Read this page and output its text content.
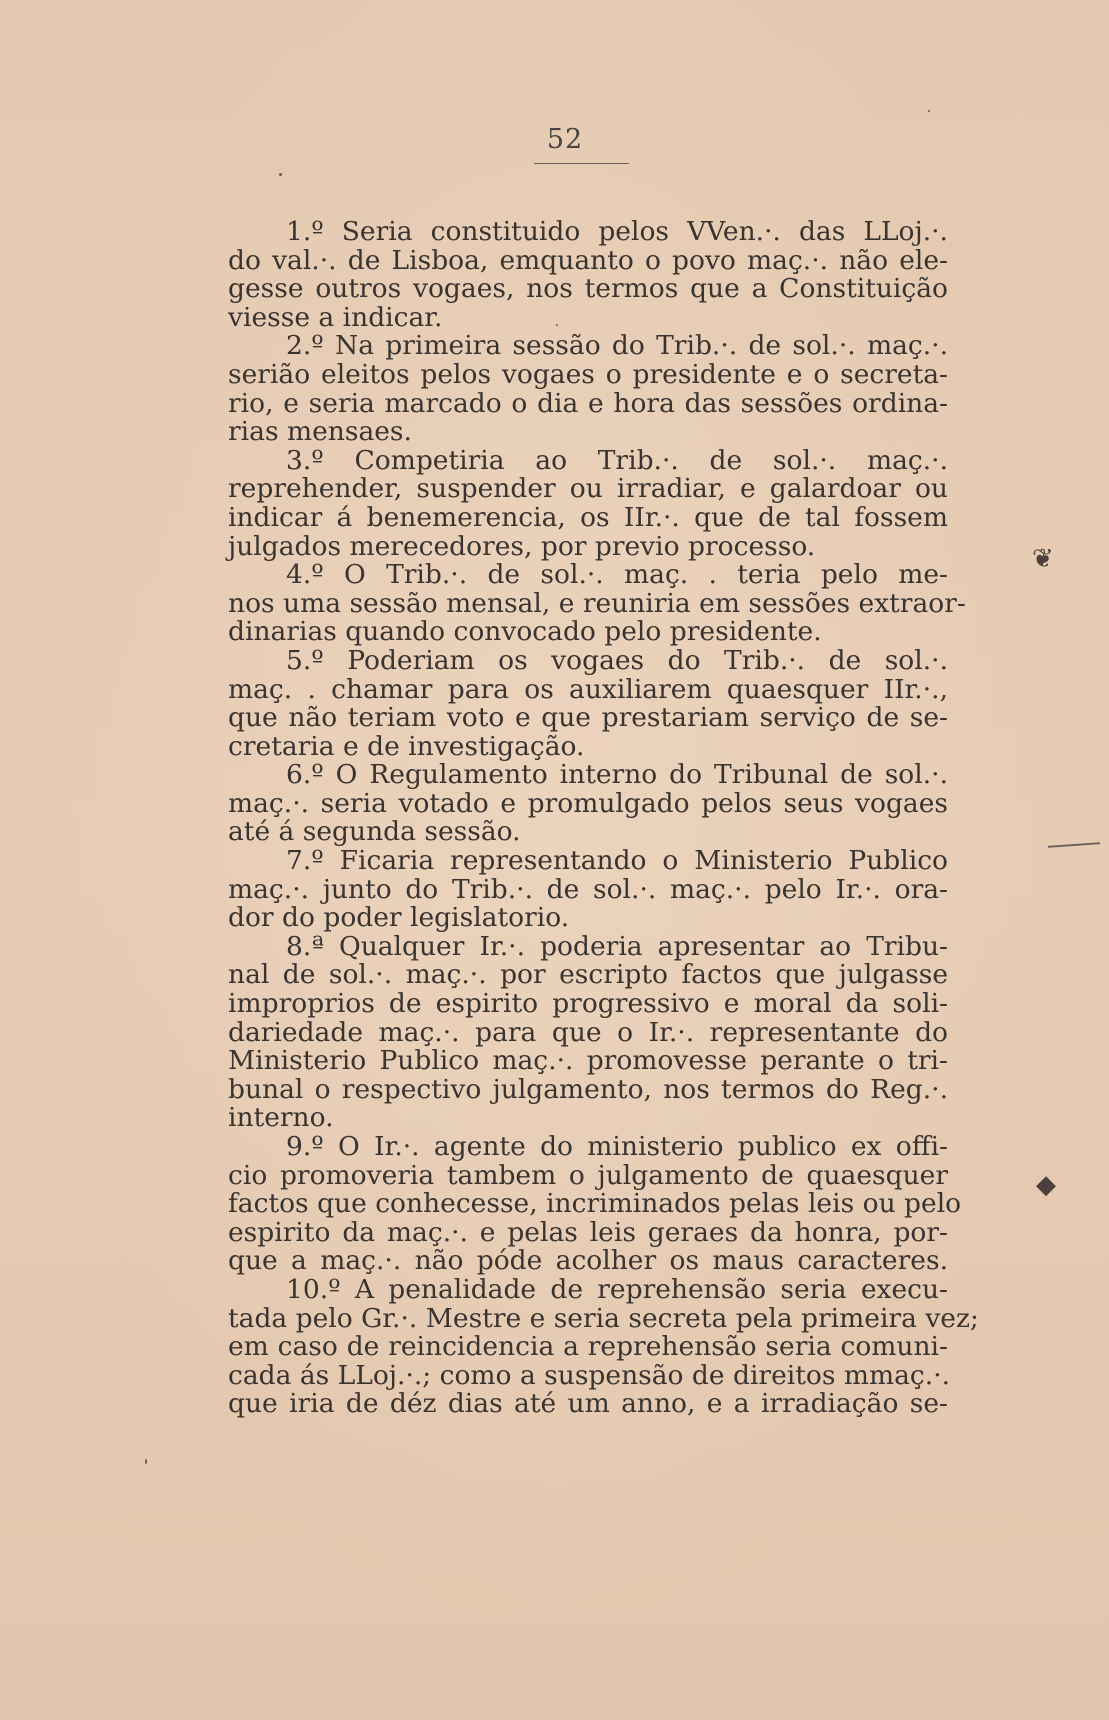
52
1.º Seria constituido pelos VVen.·. das LLoj.·.
do val.·. de Lisboa, emquanto o povo maç.·. não ele-
gesse outros vogaes, nos termos que a Constituição
viesse a indicar.
2.º Na primeira sessão do Trib.·. de sol.·. maç.·.
serião eleitos pelos vogaes o presidente e o secreta-
rio, e seria marcado o dia e hora das sessões ordina-
rias mensaes.
3.º Competiria ao Trib.·. de sol.·. maç.·.
reprehender, suspender ou irradiar, e galardoar ou
indicar á benemerencia, os IIr.·. que de tal fossem
julgados merecedores, por previo processo.
4.º O Trib.·. de sol.·. maç. . teria pelo me-
nos uma sessão mensal, e reuniria em sessões extraor-
dinarias quando convocado pelo presidente.
5.º Poderiam os vogaes do Trib.·. de sol.·.
maç. . chamar para os auxiliarem quaesquer IIr.·.,
que não teriam voto e que prestariam serviço de se-
cretaria e de investigação.
6.º O Regulamento interno do Tribunal de sol.·.
maç.·. seria votado e promulgado pelos seus vogaes
até á segunda sessão.
7.º Ficaria representando o Ministerio Publico
maç.·. junto do Trib.·. de sol.·. maç.·. pelo Ir.·. ora-
dor do poder legislatorio.
8.ª Qualquer Ir.·. poderia apresentar ao Tribu-
nal de sol.·. maç.·. por escripto factos que julgasse
improprios de espirito progressivo e moral da soli-
dariedade maç.·. para que o Ir.·. representante do
Ministerio Publico maç.·. promovesse perante o tri-
bunal o respectivo julgamento, nos termos do Reg.·.
interno.
9.º O Ir.·. agente do ministerio publico ex offi-
cio promoveria tambem o julgamento de quaesquer
factos que conhecesse, incriminados pelas leis ou pelo
espirito da maç.·. e pelas leis geraes da honra, por-
que a maç.·. não póde acolher os maus caracteres.
10.º A penalidade de reprehensão seria execu-
tada pelo Gr.·. Mestre e seria secreta pela primeira vez;
em caso de reincidencia a reprehensão seria comuni-
cada ás LLoj.·.; como a suspensão de direitos mmaç.·.
que iria de déz dias até um anno, e a irradiação se-
❦
◆
